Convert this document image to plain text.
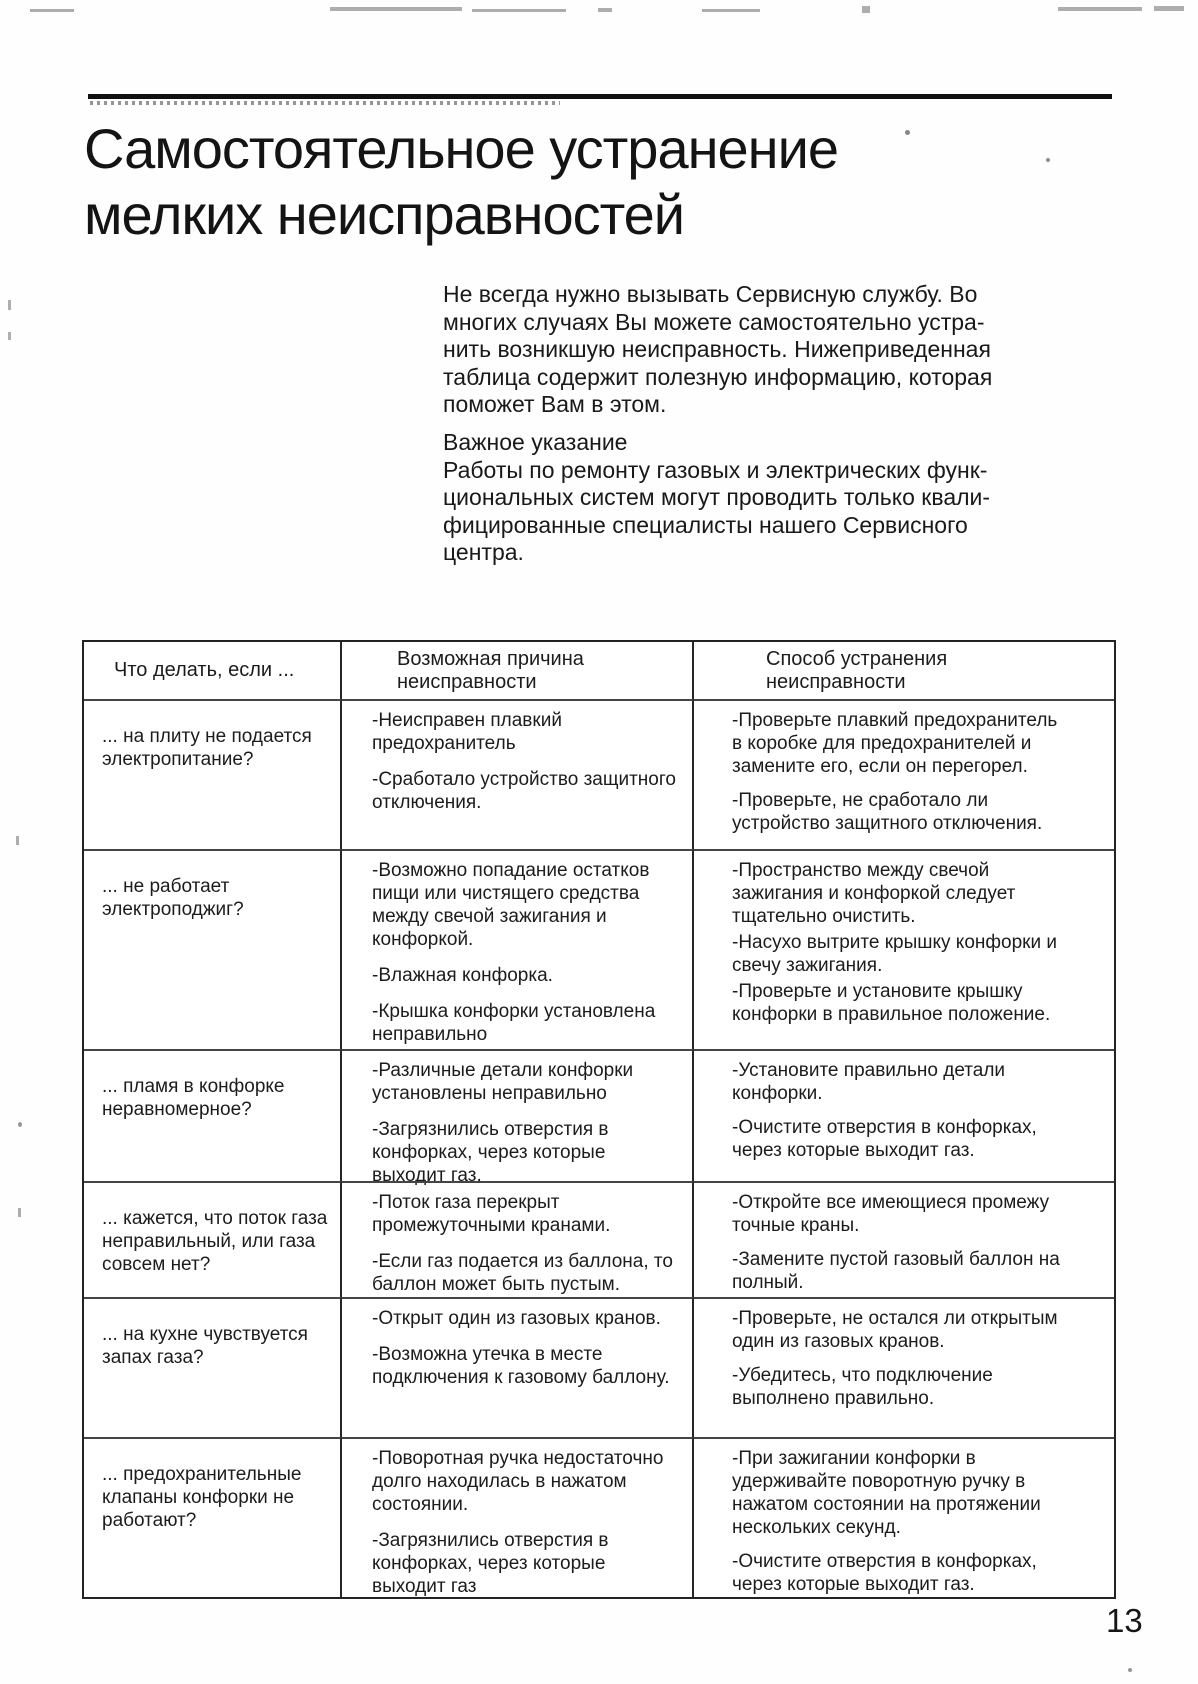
Самостоятельное устранение
мелких неисправностей
Не всегда нужно вызывать Сервисную службу. Во
многих случаях Вы можете самостоятельно устра-
нить возникшую неисправность. Нижеприведенная
таблица содержит полезную информацию, которая
поможет Вам в этом.
Важное указание
Работы по ремонту газовых и электрических функ-
циональных систем могут проводить только квали-
фицированные специалисты нашего Сервисного
центра.
Что делать, если ...
Возможная причина неисправности
Способ устранения неисправности
... на плиту не подается электропитание?

-Неисправен плавкий предохранитель

-Сработало устройство защитного отключения.

-Проверьте плавкий предохранитель в коробке для предохранителей и замените его, если он перегорел.

-Проверьте, не сработало ли устройство защитного отключения.

... не работает электроподжиг?

-Возможно попадание остатков пищи или чистящего средства между свечой зажигания и конфоркой.

-Влажная конфорка.

-Крышка конфорки установлена неправильно

-Пространство между свечой зажигания и конфоркой следует тщательно очистить.

-Насухо вытрите крышку конфорки и свечу зажигания.

-Проверьте и установите крышку конфорки в правильное положение.

... пламя в конфорке неравномерное?

-Различные детали конфорки установлены неправильно

-Загрязнились отверстия в конфорках, через которые выходит газ.

-Установите правильно детали конфорки.

-Очистите отверстия в конфорках, через которые выходит газ.

... кажется, что поток газа неправильный, или газа совсем нет?

-Поток газа перекрыт промежуточными кранами.

-Если газ подается из баллона, то баллон может быть пустым.

-Откройте все имеющиеся промежу точные краны.

-Замените пустой газовый баллон на полный.

... на кухне чувствуется запах газа?

-Открыт один из газовых кранов.

-Возможна утечка в месте подключения к газовому баллону.

-Проверьте, не остался ли открытым один из газовых кранов.

-Убедитесь, что подключение выполнено правильно.

... предохранительные клапаны конфорки не работают?

-Поворотная ручка недостаточно долго находилась в нажатом состоянии.

-Загрязнились отверстия в конфорках, через которые выходит газ

-При зажигании конфорки в удерживайте поворотную ручку в нажатом состоянии на протяжении нескольких секунд.

-Очистите отверстия в конфорках, через которые выходит газ.

13
